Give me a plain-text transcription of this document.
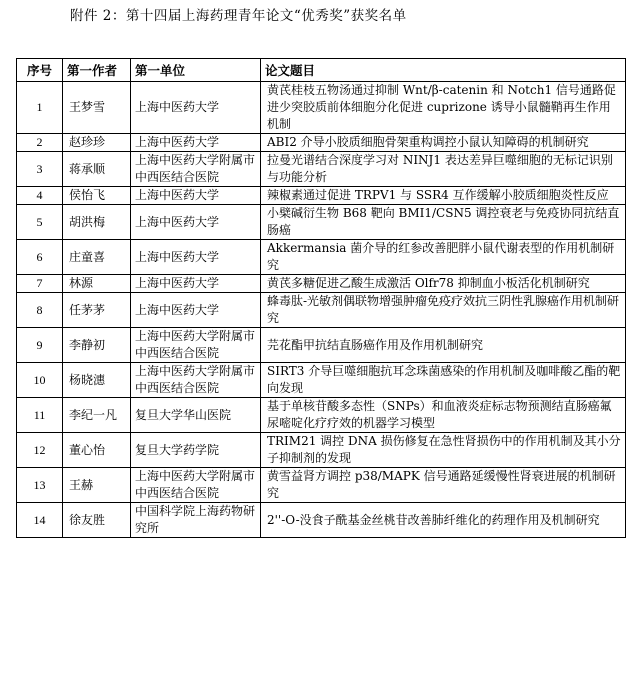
附件 2：第十四届上海药理青年论文“优秀奖”获奖名单
序号	第一作者	第一单位	论文题目
1	王梦雪	上海中医药大学	黄芪桂枝五物汤通过抑制 Wnt/β-catenin 和 Notch1 信号通路促进少突胶质前体细胞分化促进 cuprizone 诱导小鼠髓鞘再生作用机制
2	赵珍珍	上海中医药大学	ABI2 介导小胶质细胞骨架重构调控小鼠认知障碍的机制研究
3	蒋承顺	上海中医药大学附属市中西医结合医院	拉曼光谱结合深度学习对 NINJ1 表达差异巨噬细胞的无标记识别与功能分析
4	侯怡飞	上海中医药大学	辣椒素通过促进 TRPV1 与 SSR4 互作缓解小胶质细胞炎性反应
5	胡洪梅	上海中医药大学	小檗碱衍生物 B68 靶向 BMI1/CSN5 调控衰老与免疫协同抗结直肠癌
6	庄童喜	上海中医药大学	Akkermansia 菌介导的红参改善肥胖小鼠代谢表型的作用机制研究
7	林源	上海中医药大学	黄芪多糖促进乙酸生成激活 Olfr78 抑制血小板活化机制研究
8	任茅茅	上海中医药大学	蜂毒肽-光敏剂偶联物增强肿瘤免疫疗效抗三阴性乳腺癌作用机制研究
9	李静初	上海中医药大学附属市中西医结合医院	芫花酯甲抗结直肠癌作用及作用机制研究
10	杨晓潓	上海中医药大学附属市中西医结合医院	SIRT3 介导巨噬细胞抗耳念珠菌感染的作用机制及咖啡酸乙酯的靶向发现
11	李纪一凡	复旦大学华山医院	基于单核苷酸多态性（SNPs）和血液炎症标志物预测结直肠癌氟尿嘧啶化疗疗效的机器学习模型
12	董心怡	复旦大学药学院	TRIM21 调控 DNA 损伤修复在急性肾损伤中的作用机制及其小分子抑制剂的发现
13	王赫	上海中医药大学附属市中西医结合医院	黄雪益肾方调控 p38/MAPK 信号通路延缓慢性肾衰进展的机制研究
14	徐友胜	中国科学院上海药物研究所	2''-O-没食子酰基金丝桃苷改善肺纤维化的药理作用及机制研究
